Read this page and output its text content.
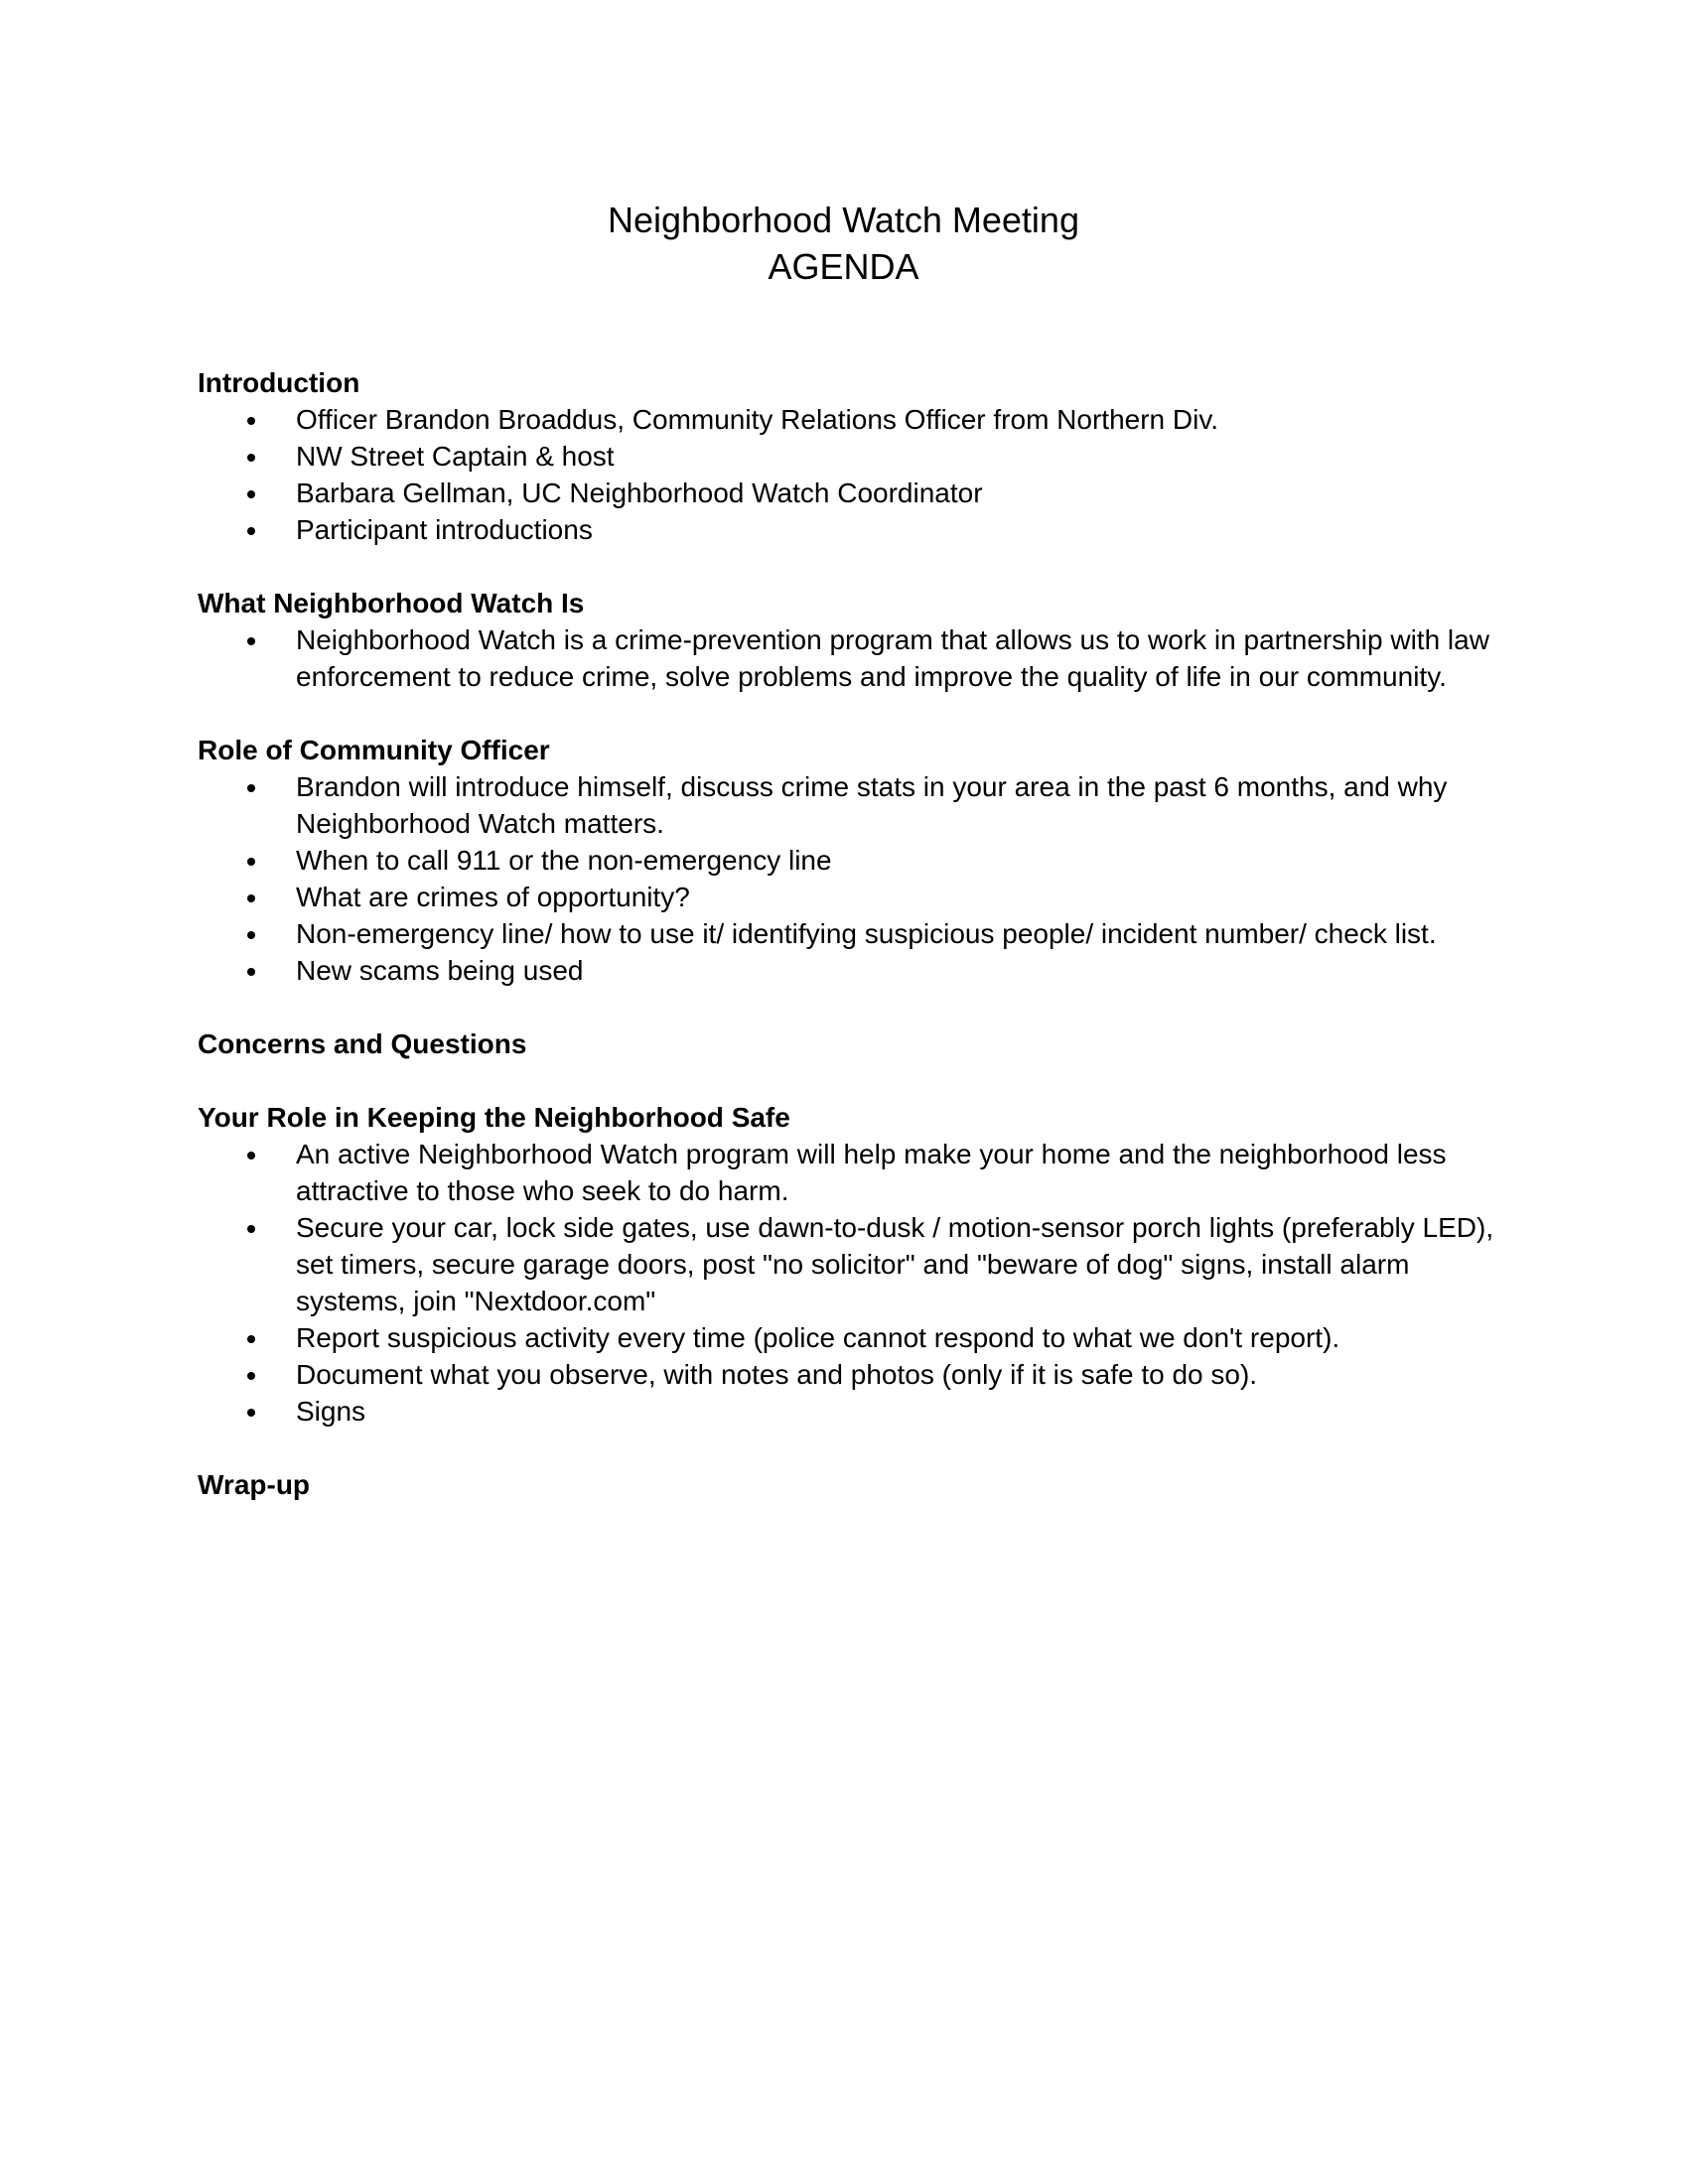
Neighborhood Watch Meeting

AGENDA

Introduction

Officer Brandon Broaddus, Community Relations Officer from Northern Div.
NW Street Captain & host
Barbara Gellman, UC Neighborhood Watch Coordinator
Participant introductions

What Neighborhood Watch Is

Neighborhood Watch is a crime-prevention program that allows us to work in partnership with law enforcement to reduce crime, solve problems and improve the quality of life in our community.

Role of Community Officer

Brandon will introduce himself, discuss crime stats in your area in the past 6 months, and why Neighborhood Watch matters.
When to call 911 or the non-emergency line
What are crimes of opportunity?
Non-emergency line/ how to use it/ identifying suspicious people/ incident number/ check list.
New scams being used

Concerns and Questions

Your Role in Keeping the Neighborhood Safe

An active Neighborhood Watch program will help make your home and the neighborhood less attractive to those who seek to do harm.
Secure your car, lock side gates, use dawn-to-dusk / motion-sensor porch lights (preferably LED), set timers, secure garage doors, post "no solicitor" and "beware of dog" signs, install alarm systems, join "Nextdoor.com"
Report suspicious activity every time (police cannot respond to what we don't report).
Document what you observe, with notes and photos (only if it is safe to do so).
Signs

Wrap-up
